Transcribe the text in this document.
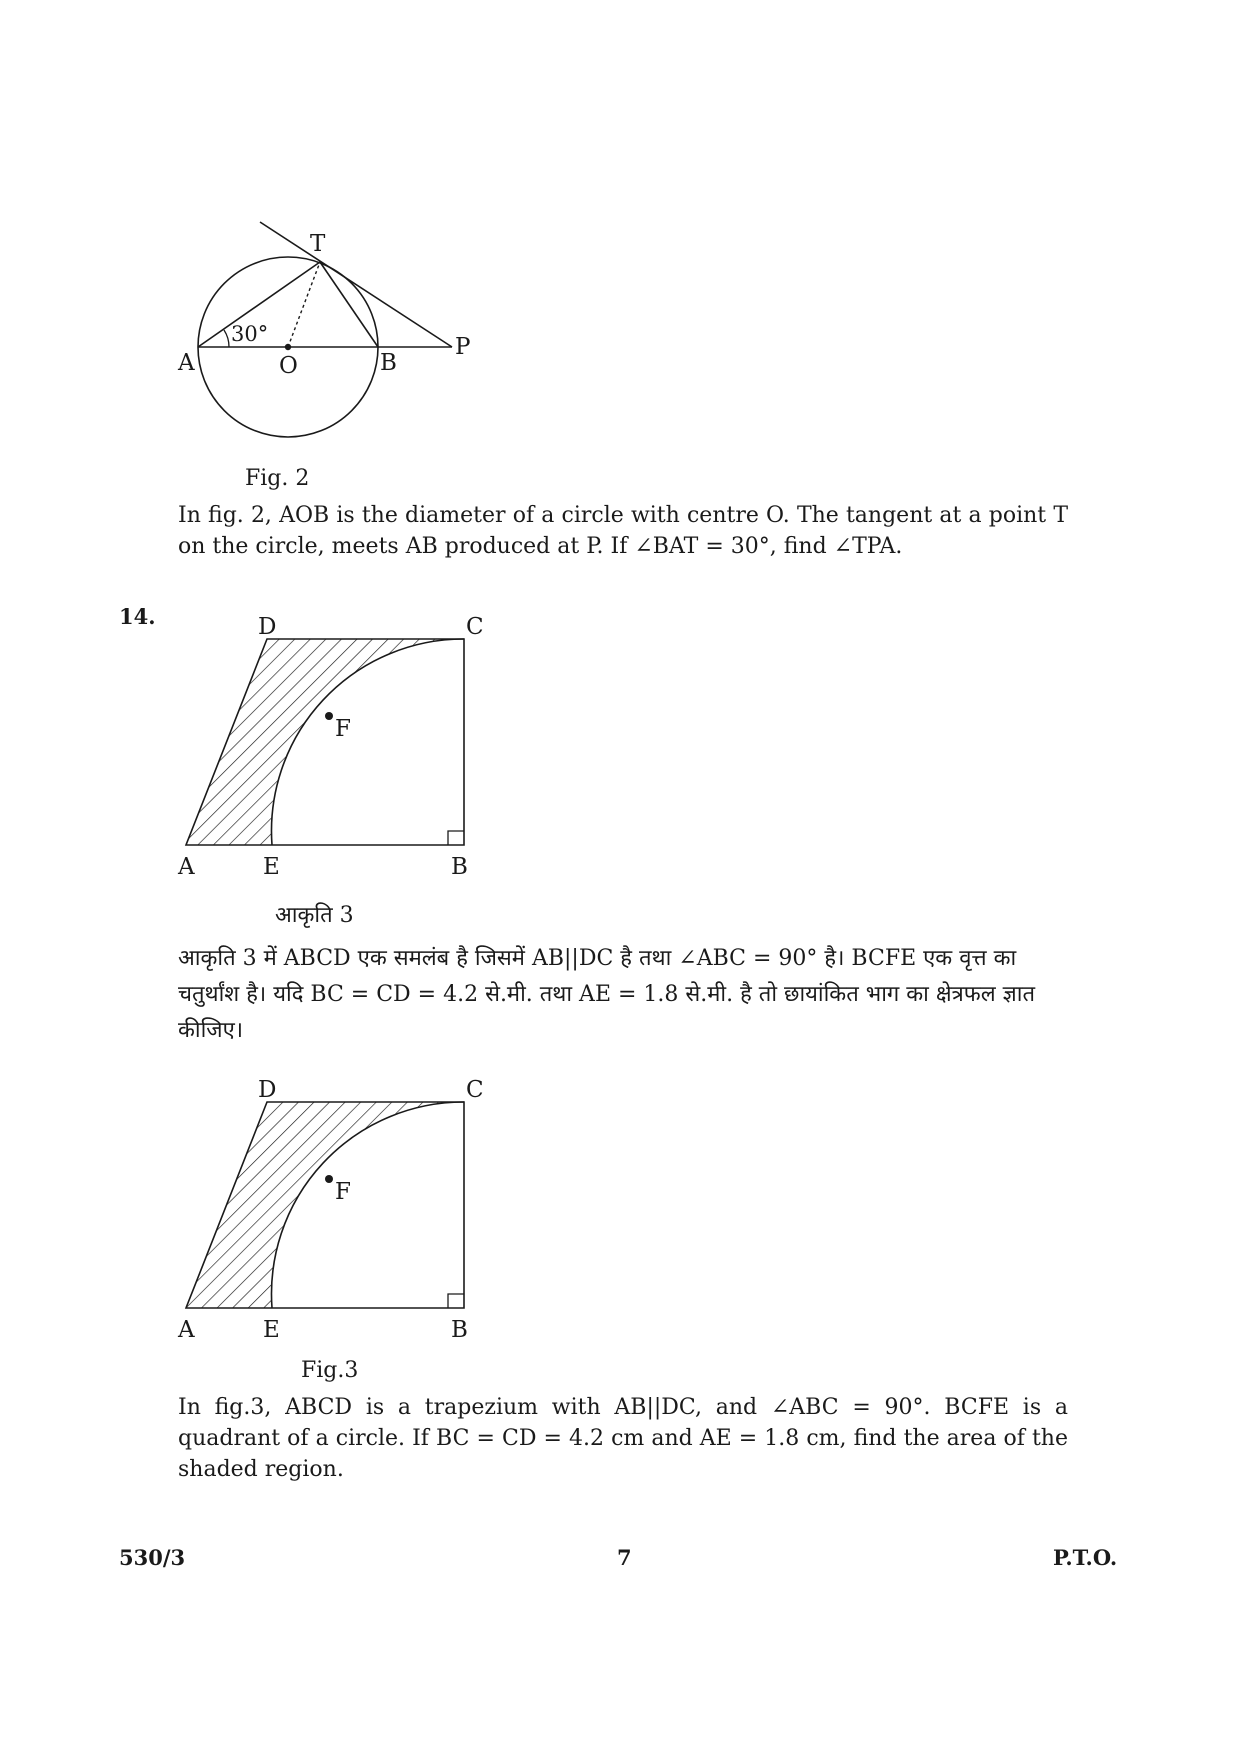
T
A	O	B
P
30°
Fig. 2
In fig. 2, AOB is the diameter of a circle with centre O. The tangent at a point T on the circle, meets AB produced at P. If ∠BAT = 30°, find ∠TPA.
14.	D	C
F
A	E	B
आकृति 3
आकृति 3 में ABCD एक समलंब है जिसमें AB||DC है तथा ∠ABC = 90° है। BCFE एक वृत्त का चतुर्थांश है। यदि BC = CD = 4.2 से.मी. तथा AE = 1.8 से.मी. है तो छायांकित भाग का क्षेत्रफल ज्ञात कीजिए।
D	C
F
A	E	B
Fig.3
In fig.3, ABCD is a trapezium with AB||DC, and ∠ABC = 90°. BCFE is a quadrant of a circle. If BC = CD = 4.2 cm and AE = 1.8 cm, find the area of the shaded region.
530/3	7	P.T.O.
